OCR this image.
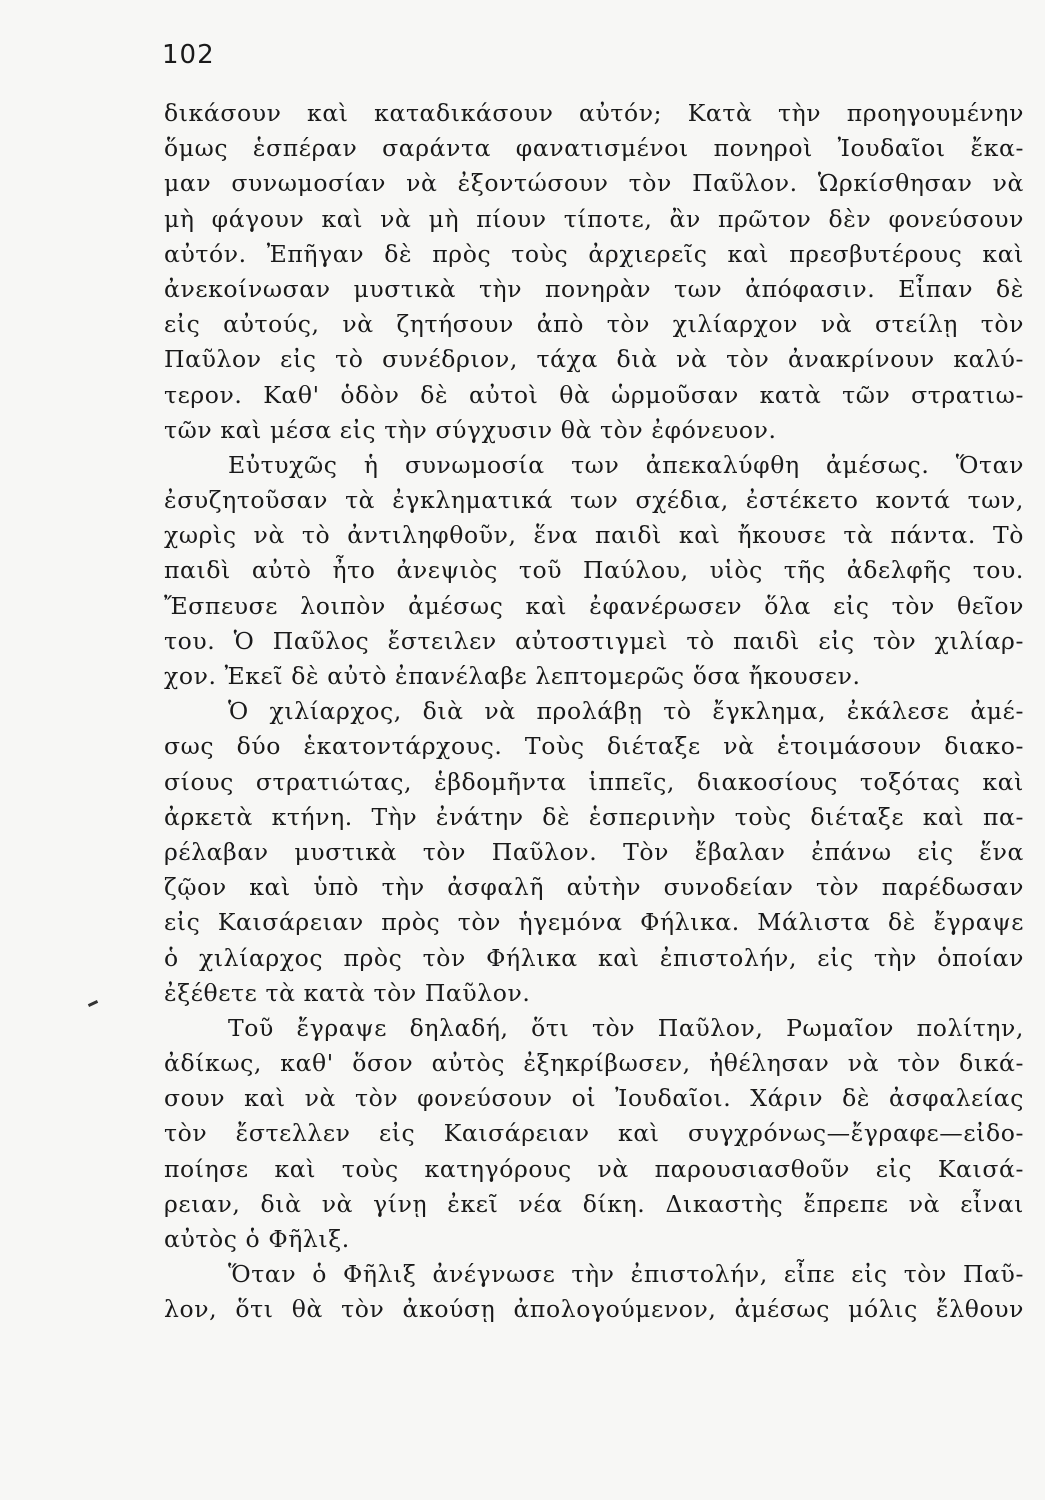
102
δικάσουν καὶ καταδικάσουν αὐτόν; Κατὰ τὴν προηγουμένην
ὅμως ἑσπέραν σαράντα φανατισμένοι πονηροὶ Ἰουδαῖοι ἔκα-
μαν συνωμοσίαν νὰ ἐξοντώσουν τὸν Παῦλον. Ὡρκίσθησαν νὰ
μὴ φάγουν καὶ νὰ μὴ πίουν τίποτε, ἂν πρῶτον δὲν φονεύσουν
αὐτόν. Ἐπῆγαν δὲ πρὸς τοὺς ἀρχιερεῖς καὶ πρεσβυτέρους καὶ
ἀνεκοίνωσαν μυστικὰ τὴν πονηρὰν των ἀπόφασιν. Εἶπαν δὲ
εἰς αὐτούς, νὰ ζητήσουν ἀπὸ τὸν χιλίαρχον νὰ στείλῃ τὸν
Παῦλον εἰς τὸ συνέδριον, τάχα διὰ νὰ τὸν ἀνακρίνουν καλύ-
τερον. Καθ' ὁδὸν δὲ αὐτοὶ θὰ ὡρμοῦσαν κατὰ τῶν στρατιω-
τῶν καὶ μέσα εἰς τὴν σύγχυσιν θὰ τὸν ἐφόνευον.
Εὐτυχῶς ἡ συνωμοσία των ἀπεκαλύφθη ἀμέσως. Ὅταν
ἐσυζητοῦσαν τὰ ἐγκληματικά των σχέδια, ἐστέκετο κοντά των,
χωρὶς νὰ τὸ ἀντιληφθοῦν, ἕνα παιδὶ καὶ ἤκουσε τὰ πάντα. Τὸ
παιδὶ αὐτὸ ἦτο ἀνεψιὸς τοῦ Παύλου, υἱὸς τῆς ἀδελφῆς του.
Ἔσπευσε λοιπὸν ἀμέσως καὶ ἐφανέρωσεν ὅλα εἰς τὸν θεῖον
του. Ὁ Παῦλος ἔστειλεν αὐτοστιγμεὶ τὸ παιδὶ εἰς τὸν χιλίαρ-
χον. Ἐκεῖ δὲ αὐτὸ ἐπανέλαβε λεπτομερῶς ὅσα ἤκουσεν.
Ὁ χιλίαρχος, διὰ νὰ προλάβῃ τὸ ἔγκλημα, ἐκάλεσε ἀμέ-
σως δύο ἑκατοντάρχους. Τοὺς διέταξε νὰ ἑτοιμάσουν διακο-
σίους στρατιώτας, ἑβδομῆντα ἱππεῖς, διακοσίους τοξότας καὶ
ἀρκετὰ κτήνη. Τὴν ἐνάτην δὲ ἑσπερινὴν τοὺς διέταξε καὶ πα-
ρέλαβαν μυστικὰ τὸν Παῦλον. Τὸν ἔβαλαν ἐπάνω εἰς ἕνα
ζῷον καὶ ὑπὸ τὴν ἀσφαλῆ αὐτὴν συνοδείαν τὸν παρέδωσαν
εἰς Καισάρειαν πρὸς τὸν ἡγεμόνα Φήλικα. Μάλιστα δὲ ἔγραψε
ὁ χιλίαρχος πρὸς τὸν Φήλικα καὶ ἐπιστολήν, εἰς τὴν ὁποίαν
ἐξέθετε τὰ κατὰ τὸν Παῦλον.
Τοῦ ἔγραψε δηλαδή, ὅτι τὸν Παῦλον, Ρωμαῖον πολίτην,
ἀδίκως, καθ' ὅσον αὐτὸς ἐξηκρίβωσεν, ἠθέλησαν νὰ τὸν δικά-
σουν καὶ νὰ τὸν φονεύσουν οἱ Ἰουδαῖοι. Χάριν δὲ ἀσφαλείας
τὸν ἔστελλεν εἰς Καισάρειαν καὶ συγχρόνως—ἔγραφε—εἰδο-
ποίησε καὶ τοὺς κατηγόρους νὰ παρουσιασθοῦν εἰς Καισά-
ρειαν, διὰ νὰ γίνῃ ἐκεῖ νέα δίκη. Δικαστὴς ἔπρεπε νὰ εἶναι
αὐτὸς ὁ Φῆλιξ.
Ὅταν ὁ Φῆλιξ ἀνέγνωσε τὴν ἐπιστολήν, εἶπε εἰς τὸν Παῦ-
λον, ὅτι θὰ τὸν ἀκούσῃ ἀπολογούμενον, ἀμέσως μόλις ἔλθουν
